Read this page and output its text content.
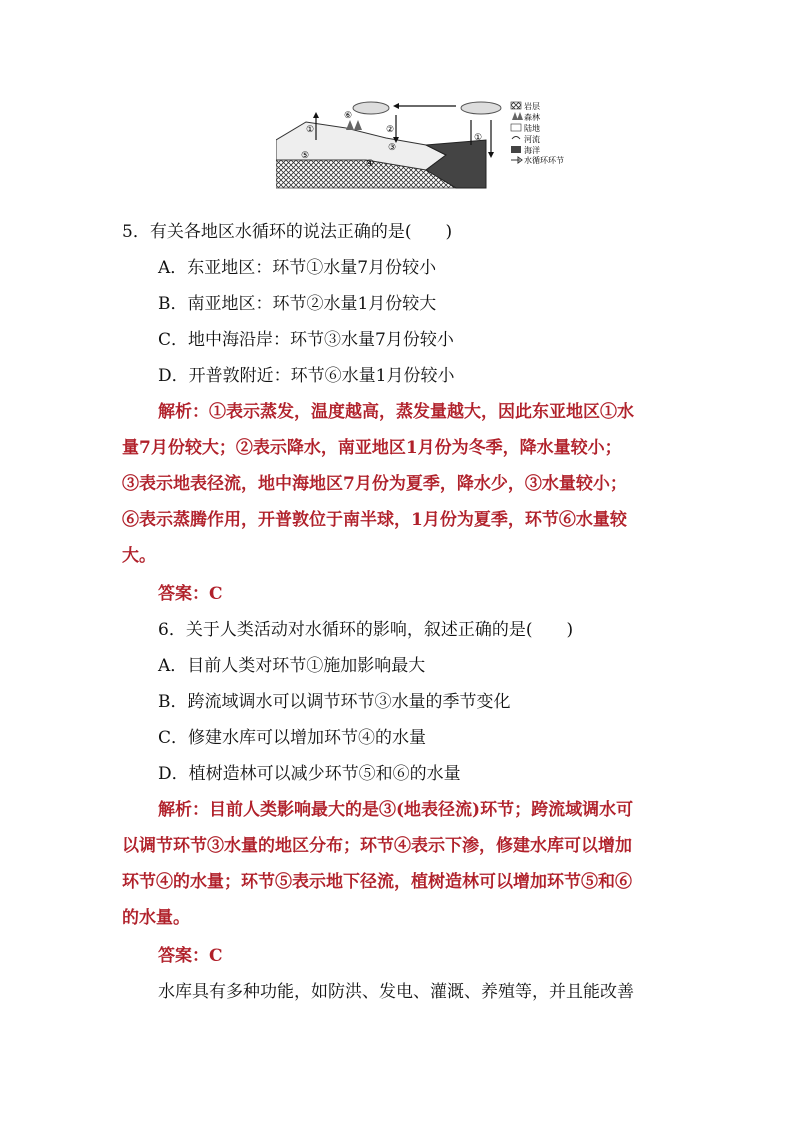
①	②
③
④
⑤
⑥
①
岩层
森林
陆地
河流
海洋
水循环环节
5．有关各地区水循环的说法正确的是(　　)
A．东亚地区：环节①水量7月份较小
B．南亚地区：环节②水量1月份较大
C．地中海沿岸：环节③水量7月份较小
D．开普敦附近：环节⑥水量1月份较小
解析：①表示蒸发，温度越高，蒸发量越大，因此东亚地区①水
量7月份较大；②表示降水，南亚地区1月份为冬季，降水量较小；
③表示地表径流，地中海地区7月份为夏季，降水少，③水量较小；
⑥表示蒸腾作用，开普敦位于南半球，1月份为夏季，环节⑥水量较
大。
答案：C
6．关于人类活动对水循环的影响，叙述正确的是(　　)
A．目前人类对环节①施加影响最大
B．跨流域调水可以调节环节③水量的季节变化
C．修建水库可以增加环节④的水量
D．植树造林可以减少环节⑤和⑥的水量
解析：目前人类影响最大的是③(地表径流)环节；跨流域调水可
以调节环节③水量的地区分布；环节④表示下渗，修建水库可以增加
环节④的水量；环节⑤表示地下径流，植树造林可以增加环节⑤和⑥
的水量。
答案：C
水库具有多种功能，如防洪、发电、灌溉、养殖等，并且能改善
